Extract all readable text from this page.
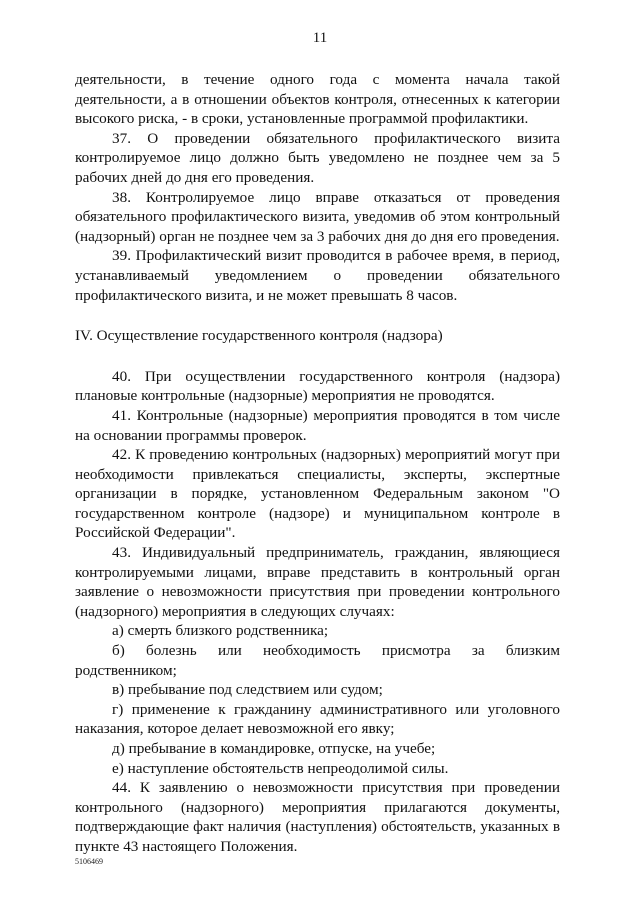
11

деятельности, в течение одного года с момента начала такой деятельности, а в отношении объектов контроля, отнесенных к категории высокого риска, - в сроки, установленные программой профилактики.

37. О проведении обязательного профилактического визита контролируемое лицо должно быть уведомлено не позднее чем за 5 рабочих дней до дня его проведения.

38. Контролируемое лицо вправе отказаться от проведения обязательного профилактического визита, уведомив об этом контрольный (надзорный) орган не позднее чем за 3 рабочих дня до дня его проведения.

39. Профилактический визит проводится в рабочее время, в период, устанавливаемый уведомлением о проведении обязательного профилактического визита, и не может превышать 8 часов.

IV. Осуществление государственного контроля (надзора)

40. При осуществлении государственного контроля (надзора) плановые контрольные (надзорные) мероприятия не проводятся.

41. Контрольные (надзорные) мероприятия проводятся в том числе на основании программы проверок.

42. К проведению контрольных (надзорных) мероприятий могут при необходимости привлекаться специалисты, эксперты, экспертные организации в порядке, установленном Федеральным законом "О государственном контроле (надзоре) и муниципальном контроле в Российской Федерации".

43. Индивидуальный предприниматель, гражданин, являющиеся контролируемыми лицами, вправе представить в контрольный орган заявление о невозможности присутствия при проведении контрольного (надзорного) мероприятия в следующих случаях:

а) смерть близкого родственника;

б) болезнь или необходимость присмотра за близким родственником;

в) пребывание под следствием или судом;

г) применение к гражданину административного или уголовного наказания, которое делает невозможной его явку;

д) пребывание в командировке, отпуске, на учебе;

е) наступление обстоятельств непреодолимой силы.

44. К заявлению о невозможности присутствия при проведении контрольного (надзорного) мероприятия прилагаются документы, подтверждающие факт наличия (наступления) обстоятельств, указанных в пункте 43 настоящего Положения.

5106469
